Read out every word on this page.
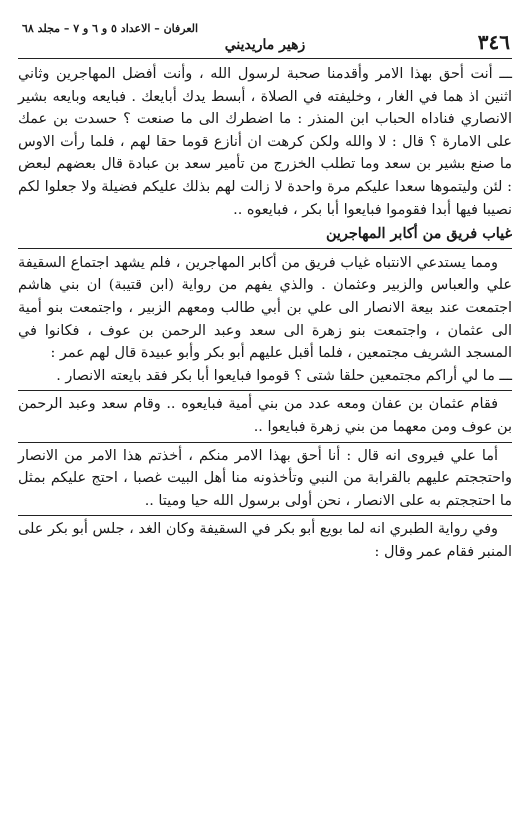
٣٤٦
زهير ماريديني
العرفان – الاعداد ٥ و ٦ و ٧ – مجلد ٦٨

ـــ أنت أحق بهذا الامر وأقدمنا صحبة لرسول الله ، وأنت أفضل المهاجرين وثاني اثنين اذ هما في الغار ، وخليفته في الصلاة ، أبسط يدك أبايعك . فبايعه وبايعه بشير الانصاري فناداه الحباب ابن المنذر : ما اضطرك الى ما صنعت ؟ حسدت بن عمك على الامارة ؟ قال : لا والله ولكن كرهت ان أنازع قوما حقا لهم ، فلما رأت الاوس ما صنع بشير بن سعد وما تطلب الخزرج من تأمير سعد بن عبادة قال بعضهم لبعض : لئن وليتموها سعدا عليكم مرة واحدة لا زالت لهم بذلك عليكم فضيلة ولا جعلوا لكم نصيبا فيها أبدا فقوموا فبايعوا أبا بكر ، فبايعوه ..

غياب فريق من أكابر المهاجرين

ومما يستدعي الانتباه غياب فريق من أكابر المهاجرين ، فلم يشهد اجتماع السقيفة علي والعباس والزبير وعثمان . والذي يفهم من رواية (ابن قتيبة) ان بني هاشم اجتمعت عند بيعة الانصار الى علي بن أبي طالب ومعهم الزبير ، واجتمعت بنو أمية الى عثمان ، واجتمعت بنو زهرة الى سعد وعبد الرحمن بن عوف ، فكانوا في المسجد الشريف مجتمعين ، فلما أقبل عليهم أبو بكر وأبو عبيدة قال لهم عمر :

ـــ ما لي أراكم مجتمعين حلقا شتى ؟ قوموا فبايعوا أبا بكر فقد بايعته الانصار .

فقام عثمان بن عفان ومعه عدد من بني أمية فبايعوه .. وقام سعد وعبد الرحمن بن عوف ومن معهما من بني زهرة فبايعوا ..

أما علي فيروى انه قال : أنا أحق بهذا الامر منكم ، أخذتم هذا الامر من الانصار واحتججتم عليهم بالقرابة من النبي وتأخذونه منا أهل البيت غصبا ، احتج عليكم بمثل ما احتججتم به على الانصار ، نحن أولى برسول الله حيا وميتا ..

وفي رواية الطبري انه لما بويع أبو بكر في السقيفة وكان الغد ، جلس أبو بكر على المنبر فقام عمر وقال :
